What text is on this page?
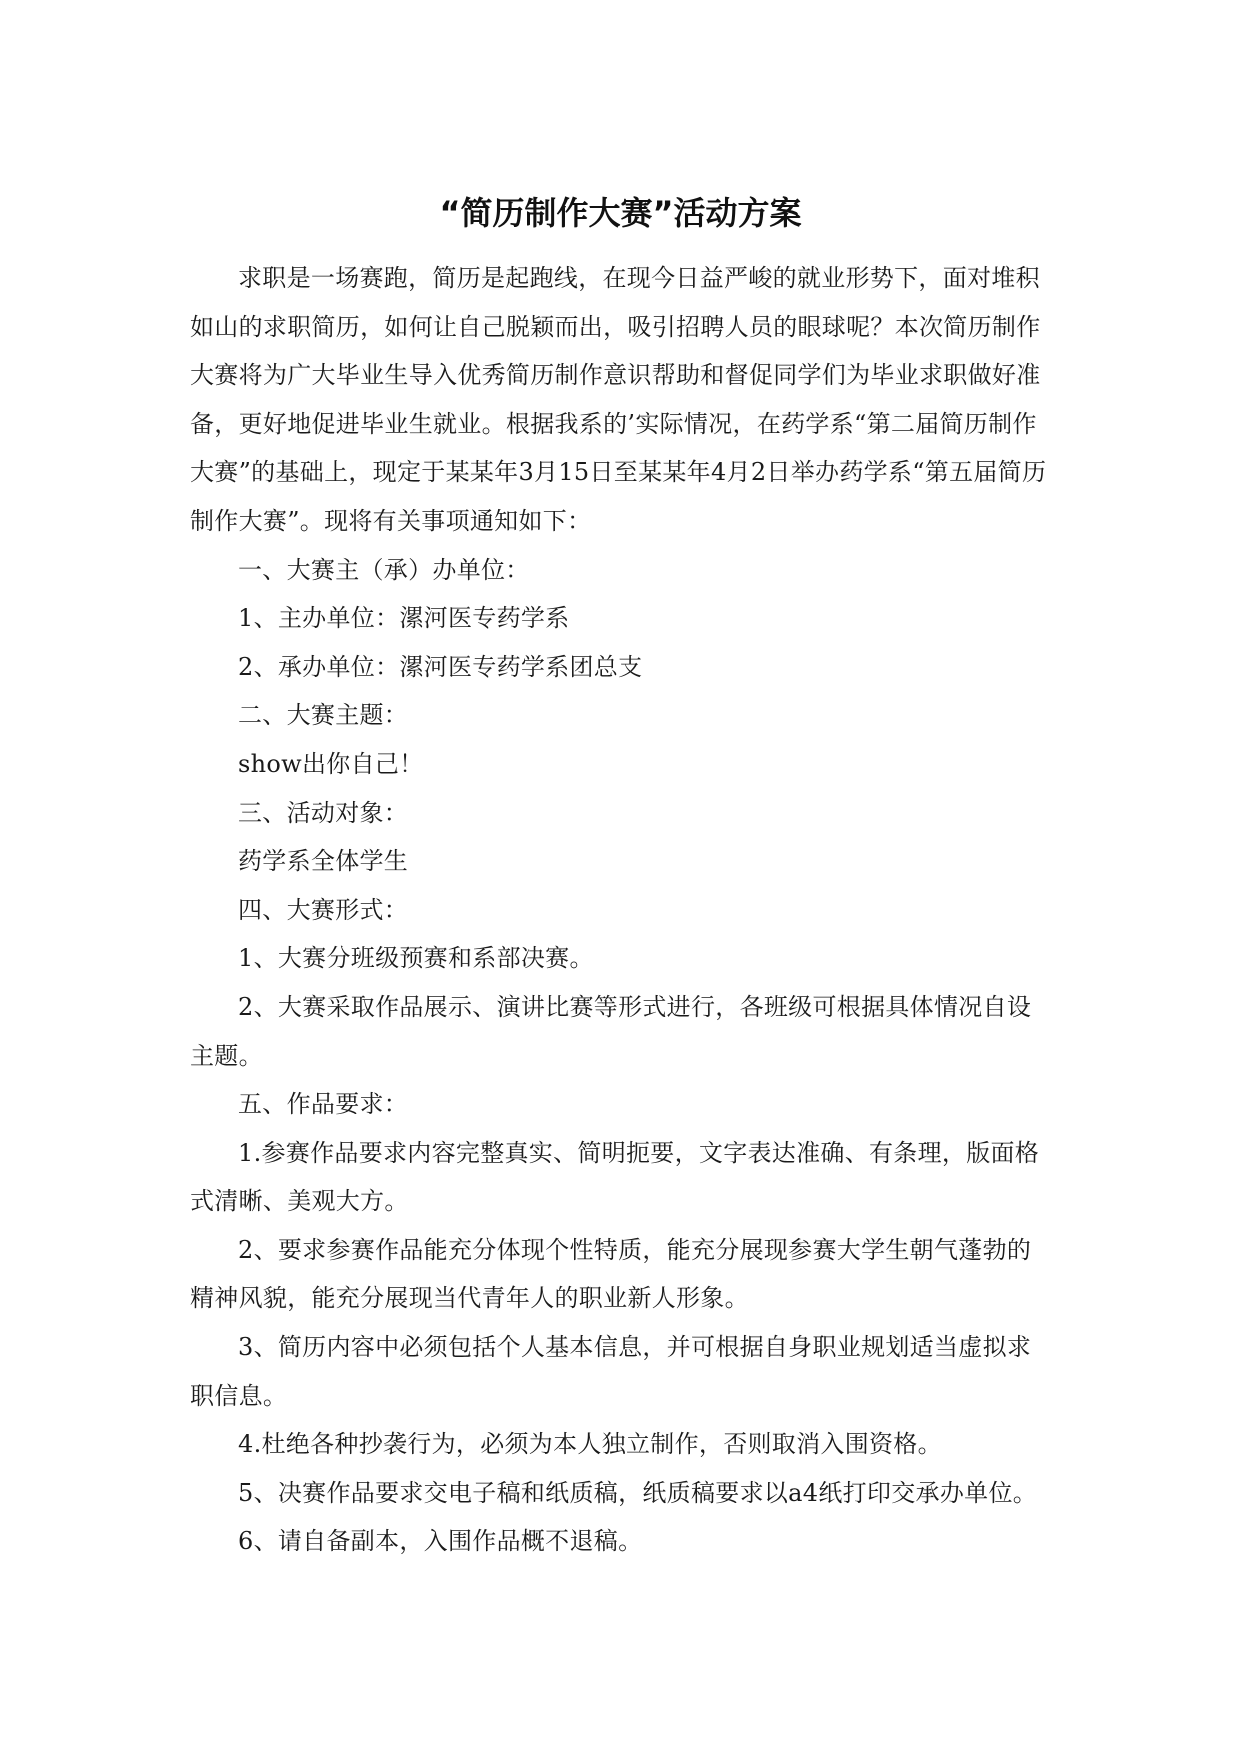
“简历制作大赛”活动方案

求职是一场赛跑，简历是起跑线，在现今日益严峻的就业形势下，面对堆积如山的求职简历，如何让自己脱颖而出，吸引招聘人员的眼球呢？本次简历制作大赛将为广大毕业生导入优秀简历制作意识帮助和督促同学们为毕业求职做好准备，更好地促进毕业生就业。根据我系的’实际情况，在药学系“第二届简历制作大赛”的基础上，现定于某某年3月15日至某某年4月2日举办药学系“第五届简历制作大赛”。现将有关事项通知如下：

一、大赛主（承）办单位：

1、主办单位：漯河医专药学系

2、承办单位：漯河医专药学系团总支

二、大赛主题：

show出你自己！

三、活动对象：

药学系全体学生

四、大赛形式：

1、大赛分班级预赛和系部决赛。

2、大赛采取作品展示、演讲比赛等形式进行，各班级可根据具体情况自设主题。

五、作品要求：

1.参赛作品要求内容完整真实、简明扼要，文字表达准确、有条理，版面格式清晰、美观大方。

2、要求参赛作品能充分体现个性特质，能充分展现参赛大学生朝气蓬勃的精神风貌，能充分展现当代青年人的职业新人形象。

3、简历内容中必须包括个人基本信息，并可根据自身职业规划适当虚拟求职信息。

4.杜绝各种抄袭行为，必须为本人独立制作，否则取消入围资格。

5、决赛作品要求交电子稿和纸质稿，纸质稿要求以a4纸打印交承办单位。

6、请自备副本，入围作品概不退稿。
